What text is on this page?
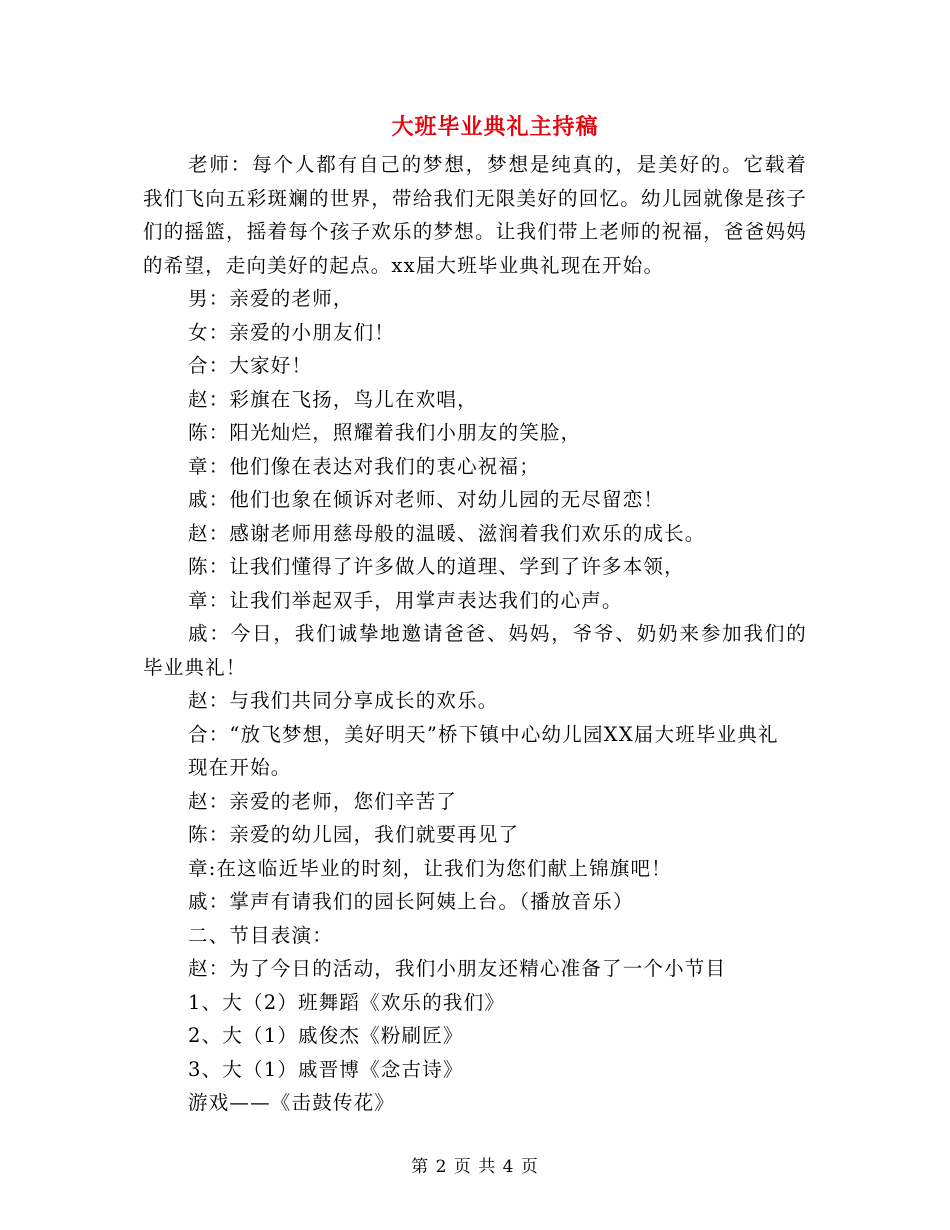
大班毕业典礼主持稿

老师：每个人都有自己的梦想，梦想是纯真的，是美好的。它载着我们飞向五彩斑斓的世界，带给我们无限美好的回忆。幼儿园就像是孩子们的摇篮，摇着每个孩子欢乐的梦想。让我们带上老师的祝福，爸爸妈妈的希望，走向美好的起点。xx届大班毕业典礼现在开始。

男：亲爱的老师，

女：亲爱的小朋友们！

合：大家好！

赵：彩旗在飞扬，鸟儿在欢唱，

陈：阳光灿烂，照耀着我们小朋友的笑脸，

章：他们像在表达对我们的衷心祝福；

戚：他们也象在倾诉对老师、对幼儿园的无尽留恋！

赵：感谢老师用慈母般的温暖、滋润着我们欢乐的成长。

陈：让我们懂得了许多做人的道理、学到了许多本领，

章：让我们举起双手，用掌声表达我们的心声。

戚：今日，我们诚挚地邀请爸爸、妈妈，爷爷、奶奶来参加我们的毕业典礼！

赵：与我们共同分享成长的欢乐。

合：“放飞梦想，美好明天”桥下镇中心幼儿园XX届大班毕业典礼

现在开始。

赵：亲爱的老师，您们辛苦了

陈：亲爱的幼儿园，我们就要再见了

章:在这临近毕业的时刻，让我们为您们献上锦旗吧！

戚：掌声有请我们的园长阿姨上台。（播放音乐）

二、节目表演：

赵：为了今日的活动，我们小朋友还精心准备了一个小节目

1、大（2）班舞蹈《欢乐的我们》

2、大（1）戚俊杰《粉刷匠》

3、大（1）戚晋博《念古诗》

游戏——《击鼓传花》

第 2 页 共 4 页
